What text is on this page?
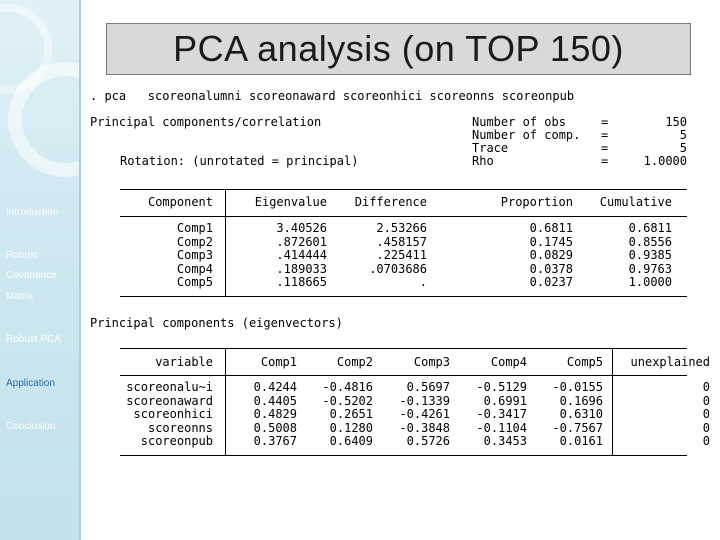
Introduction
Robust
Covariance
Matrix
Robust PCA
Application
Conclusion
PCA analysis (on TOP 150)
. pca   scoreonalumni scoreonaward scoreonhici scoreonns scoreonpub
Principal components/correlation
Rotation: (unrotated = principal)
Number of obs	=	150
Number of comp. =	5
Trace	=	5
Rho	=	1.0000
Component	Eigenvalue	Difference	Proportion	Cumulative
Comp1	3.40526	2.53266	0.6811	0.6811
Comp2	.872601	.458157	0.1745	0.8556
Comp3	.414444	.225411	0.0829	0.9385
Comp4	.189033	.0703686	0.0378	0.9763
Comp5	.118665	.	0.0237	1.0000
Principal components (eigenvectors)
variable	Comp1	Comp2	Comp3	Comp4	Comp5	unexplained
scoreonalu~i	0.4244	-0.4816	0.5697	-0.5129	-0.0155	0
scoreonaward	0.4405	-0.5202	-0.1339	0.6991	0.1696	0
scoreonhici	0.4829	0.2651	-0.4261	-0.3417	0.6310	0
scoreonns	0.5008	0.1280	-0.3848	-0.1104	-0.7567	0
scoreonpub	0.3767	0.6409	0.5726	0.3453	0.0161	0
